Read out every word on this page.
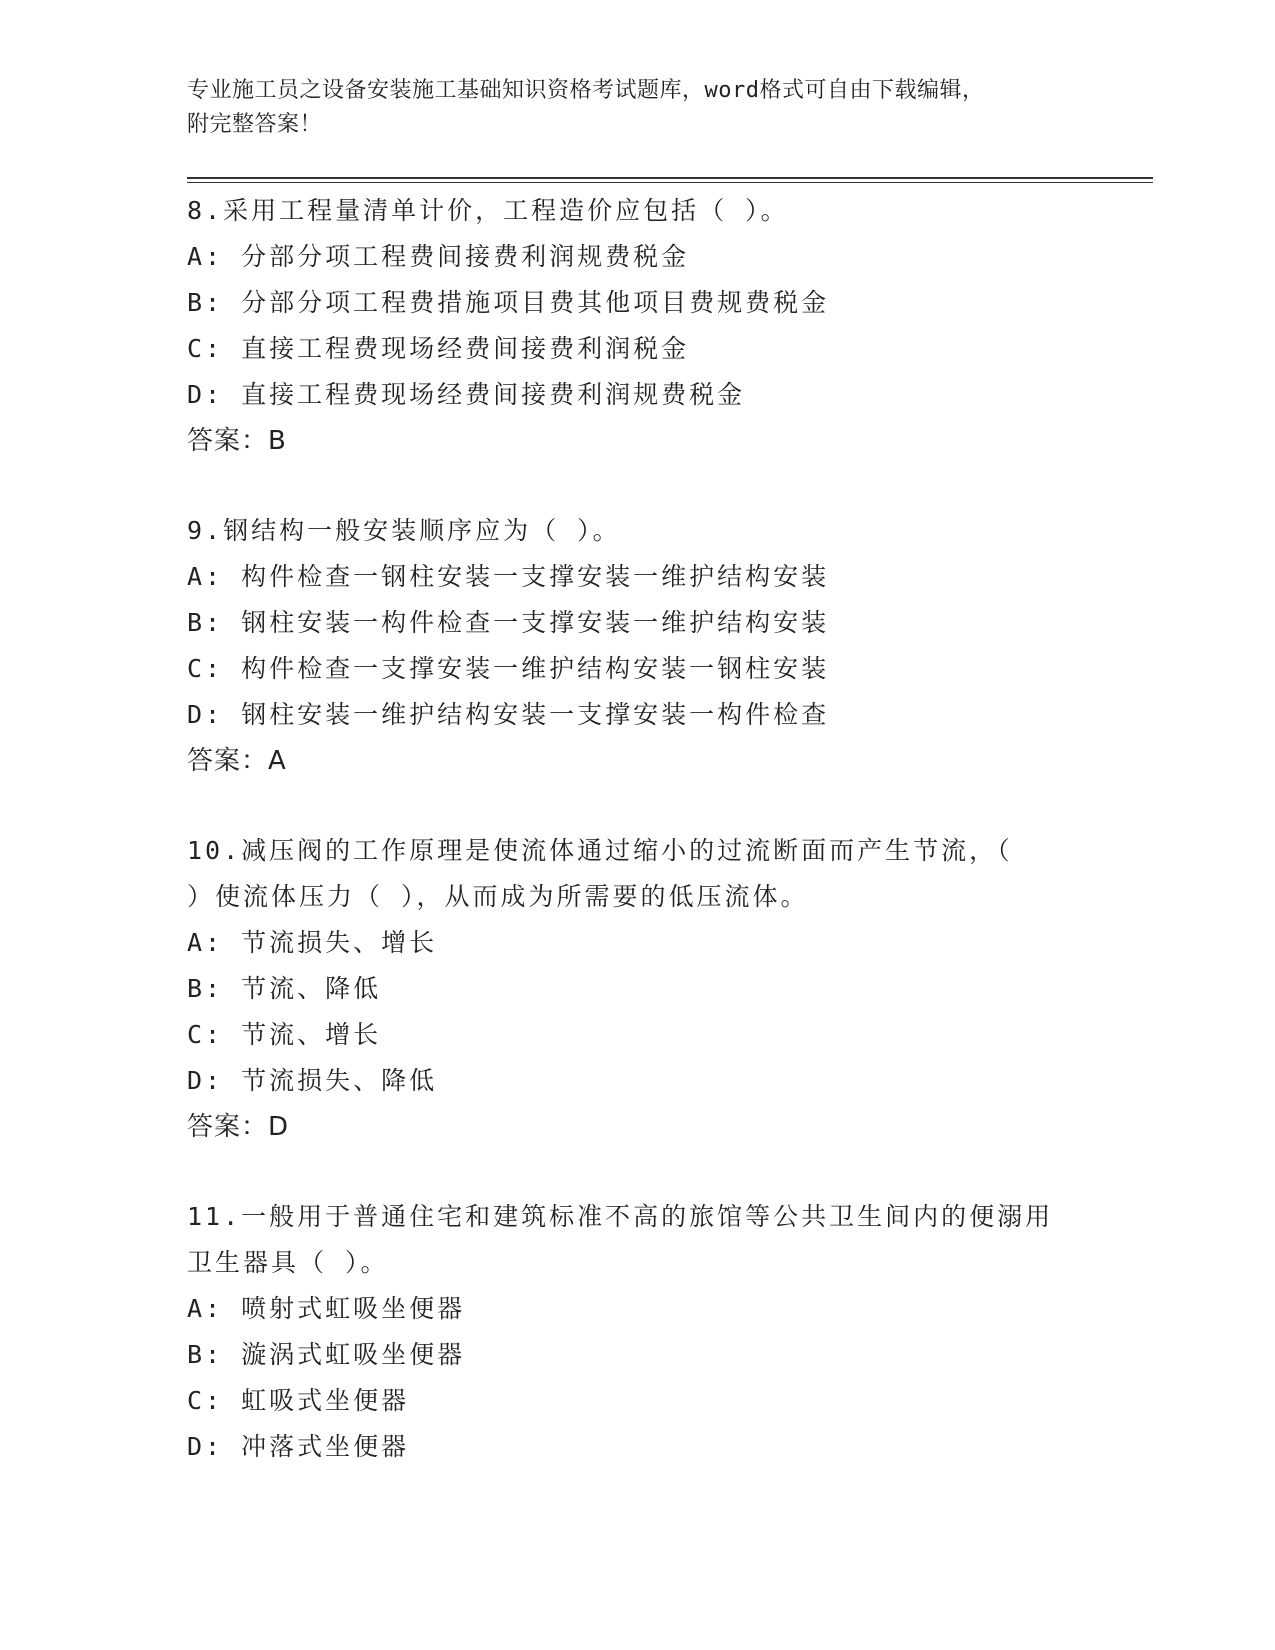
专业施工员之设备安装施工基础知识资格考试题库，word格式可自由下载编辑，
附完整答案！
8.采用工程量清单计价，工程造价应包括（ ）。
A: 分部分项工程费间接费利润规费税金
B: 分部分项工程费措施项目费其他项目费规费税金
C: 直接工程费现场经费间接费利润税金
D: 直接工程费现场经费间接费利润规费税金
答案：B
9.钢结构一般安装顺序应为（ ）。
A: 构件检查一钢柱安装一支撑安装一维护结构安装
B: 钢柱安装一构件检查一支撑安装一维护结构安装
C: 构件检查一支撑安装一维护结构安装一钢柱安装
D: 钢柱安装一维护结构安装一支撑安装一构件检查
答案：A
10.减压阀的工作原理是使流体通过缩小的过流断面而产生节流，（
）使流体压力（ ），从而成为所需要的低压流体。
A: 节流损失、增长
B: 节流、降低
C: 节流、增长
D: 节流损失、降低
答案：D
11.一般用于普通住宅和建筑标准不高的旅馆等公共卫生间内的便溺用
卫生器具（ ）。
A: 喷射式虹吸坐便器
B: 漩涡式虹吸坐便器
C: 虹吸式坐便器
D: 冲落式坐便器
